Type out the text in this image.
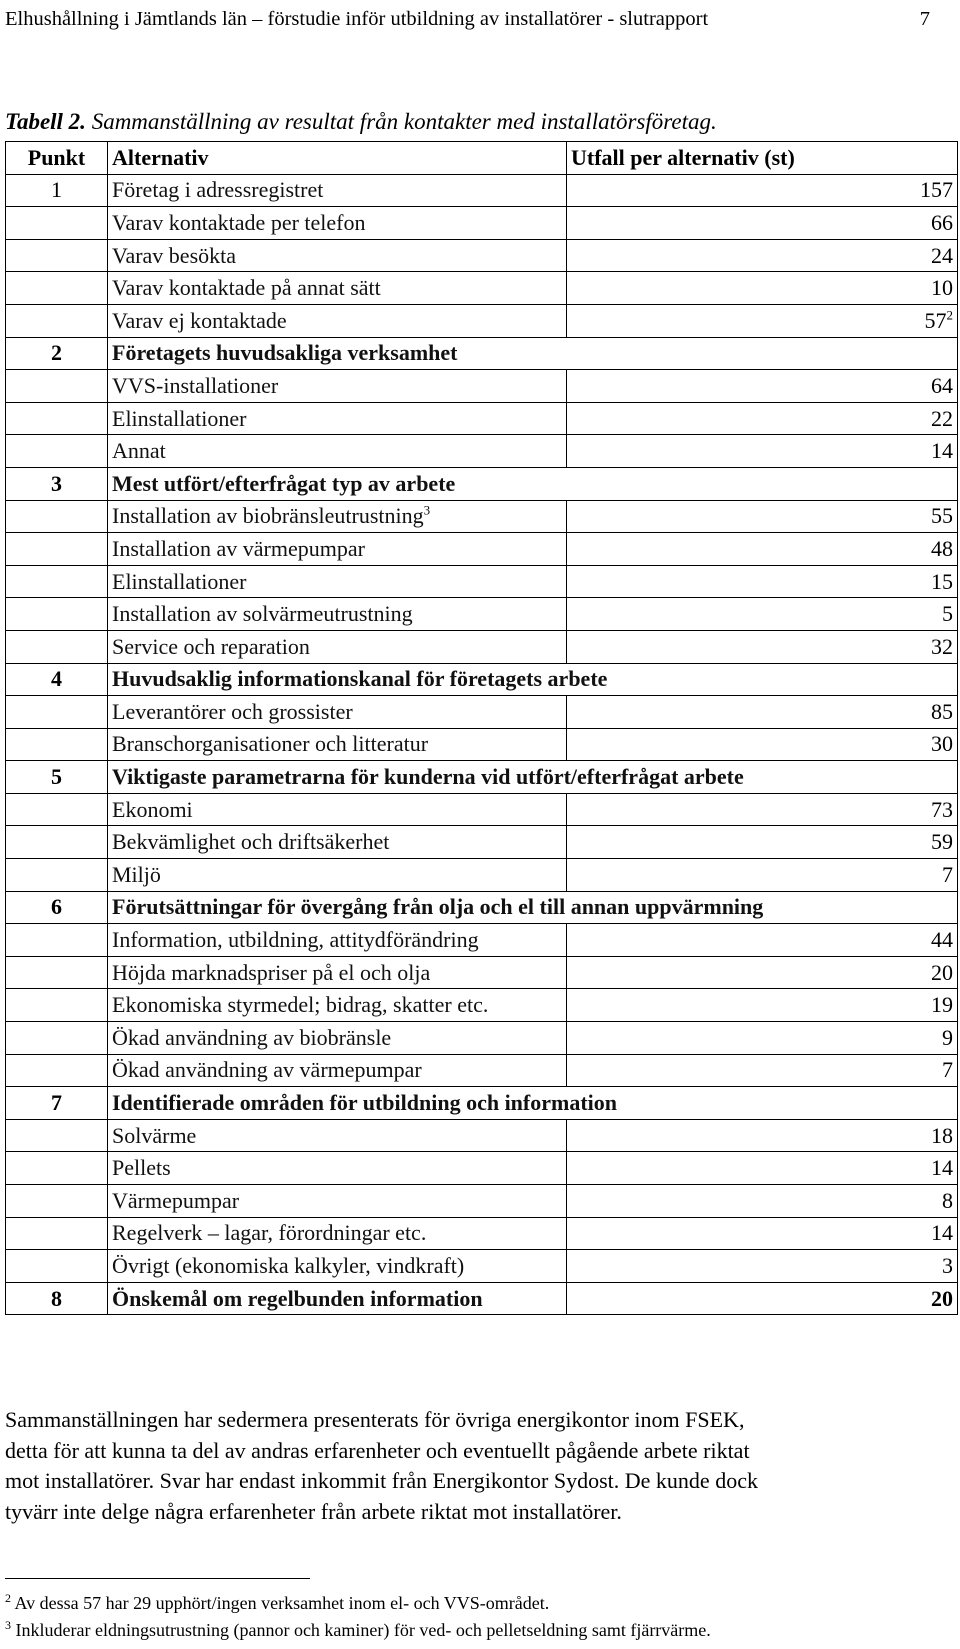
Elhushållning i Jämtlands län – förstudie inför utbildning av installatörer - slutrapport	7
Tabell 2. Sammanställning av resultat från kontakter med installatörsföretag.
Punkt	Alternativ	Utfall per alternativ (st)
1	Företag i adressregistret	157
	Varav kontaktade per telefon	66
	Varav besökta	24
	Varav kontaktade på annat sätt	10
	Varav ej kontaktade	$57^2$
2	Företagets huvudsakliga verksamhet	
	VVS-installationer	64
	Elinstallationer	22
	Annat	14
3	Mest utfört/efterfrågat typ av arbete	
	Installation av biobränsleutrustning$^3$	55
	Installation av värmepumpar	48
	Elinstallationer	15
	Installation av solvärmeutrustning	5
	Service och reparation	32
4	Huvudsaklig informationskanal för företagets arbete	
	Leverantörer och grossister	85
	Branschorganisationer och litteratur	30
5	Viktigaste parametrarna för kunderna vid utfört/efterfrågat arbete	
	Ekonomi	73
	Bekvämlighet och driftsäkerhet	59
	Miljö	7
6	Förutsättningar för övergång från olja och el till annan uppvärmning	
	Information, utbildning, attitydförändring	44
	Höjda marknadspriser på el och olja	20
	Ekonomiska styrmedel; bidrag, skatter etc.	19
	Ökad användning av biobränsle	9
	Ökad användning av värmepumpar	7
7	Identifierade områden för utbildning och information	
	Solvärme	18
	Pellets	14
	Värmepumpar	8
	Regelverk – lagar, förordningar etc.	14
	Övrigt (ekonomiska kalkyler, vindkraft)	3
8	Önskemål om regelbunden information	20
Sammanställningen har sedermera presenterats för övriga energikontor inom FSEK,
detta för att kunna ta del av andras erfarenheter och eventuellt pågående arbete riktat
mot installatörer. Svar har endast inkommit från Energikontor Sydost. De kunde dock
tyvärr inte delge några erfarenheter från arbete riktat mot installatörer.
$^2$ Av dessa 57 har 29 upphört/ingen verksamhet inom el- och VVS-området.
$^3$ Inkluderar eldningsutrustning (pannor och kaminer) för ved- och pelletseldning samt fjärrvärme.
